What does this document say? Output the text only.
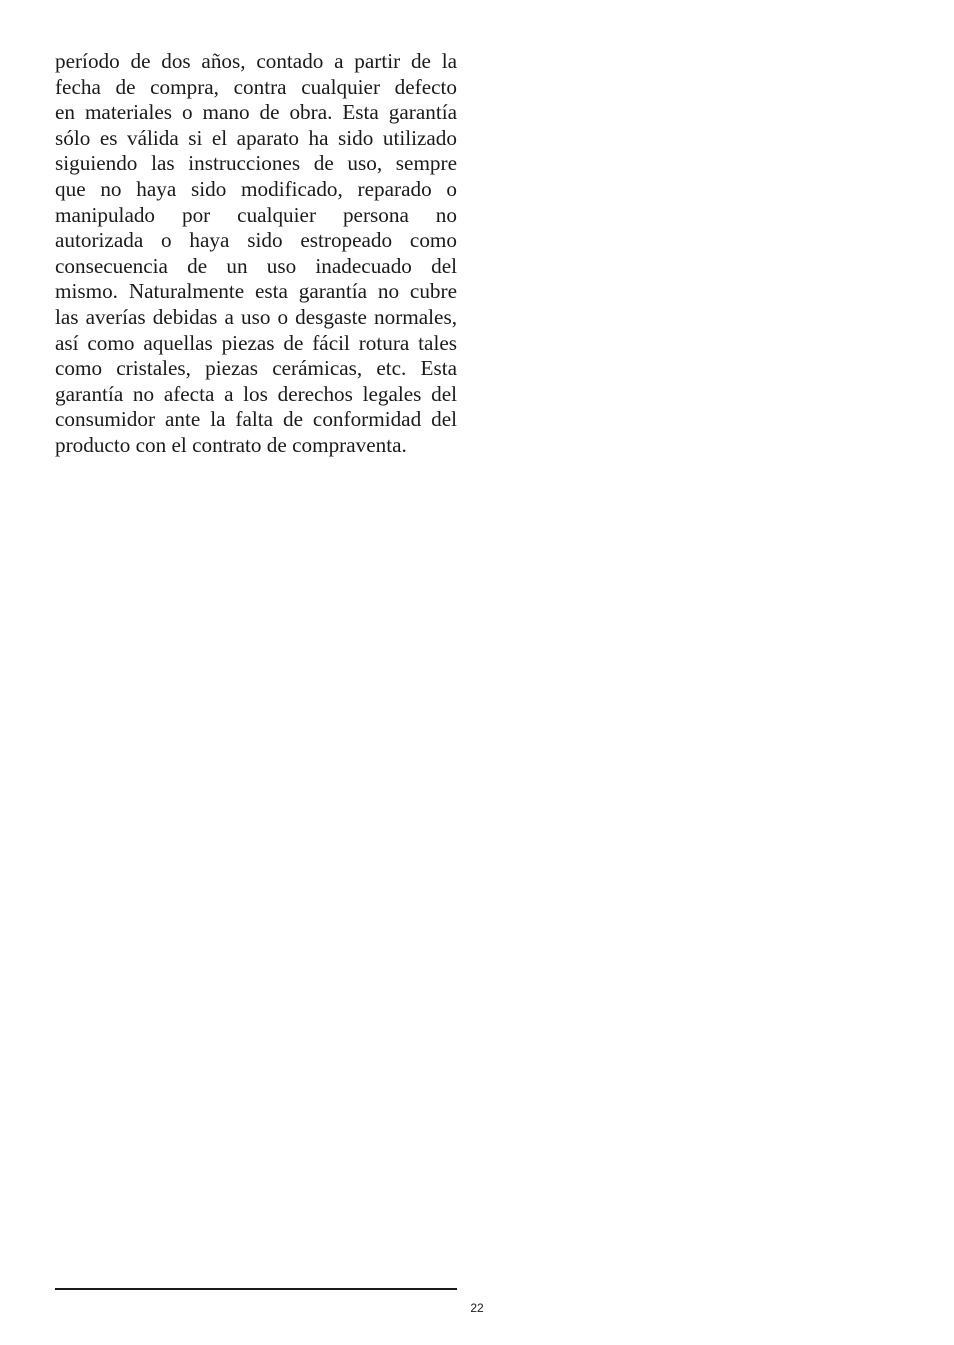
período de dos años, contado a partir de la
fecha de compra, contra cualquier defecto
en materiales o mano de obra. Esta garantía
sólo es válida si el aparato ha sido utilizado
siguiendo las instrucciones de uso, sempre
que no haya sido modificado, reparado o
manipulado por cualquier persona no
autorizada o haya sido estropeado como
consecuencia de un uso inadecuado del
mismo. Naturalmente esta garantía no cubre
las averías debidas a uso o desgaste normales,
así como aquellas piezas de fácil rotura tales
como cristales, piezas cerámicas, etc. Esta
garantía no afecta a los derechos legales del
consumidor ante la falta de conformidad del
producto con el contrato de compraventa.
22
